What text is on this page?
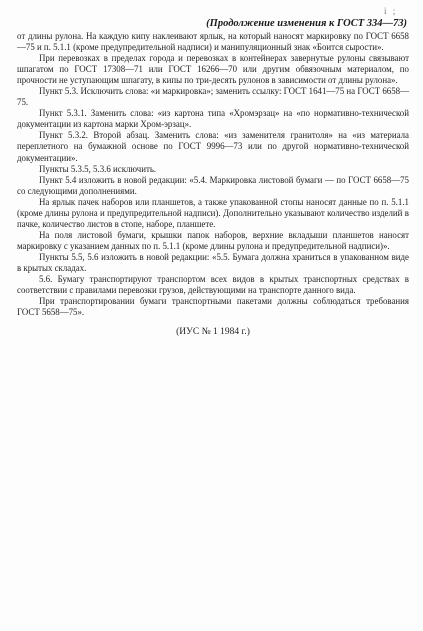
i ;
(Продолжение изменения к ГОСТ 334—73)

от длины рулона. На каждую кипу наклеивают ярлык, на который наносят маркировку по ГОСТ 6658—75 и п. 5.1.1 (кроме предупредительной надписи) и манипуляционный знак «Боится сырости».

При перевозках в пределах города и перевозках в контейнерах завернутые рулоны связывают шпагатом по ГОСТ 17308—71 или ГОСТ 16266—70 или другим обвязочным материалом, по прочности не уступающим шпагату, в кипы по три-десять рулонов в зависимости от длины рулона».

Пункт 5.3. Исключить слова: «и маркировка»; заменить ссылку: ГОСТ 1641—75 на ГОСТ 6658—75.

Пункт 5.3.1. Заменить слова: «из картона типа «Хромэрзац» на «по нормативно-технической документации из картона марки Хром-эрзац».

Пункт 5.3.2. Второй абзац. Заменить слова: «из заменителя гранитоля» на «из материала переплетного на бумажной основе по ГОСТ 9996—73 или по другой нормативно-технической документации».

Пункты 5.3.5, 5.3.6 исключить.

Пункт 5.4 изложить в новой редакции: «5.4. Маркировка листовой бумаги — по ГОСТ 6658—75 со следующими дополнениями.

На ярлык пачек наборов или планшетов, а также упакованной стопы наносят данные по п. 5.1.1 (кроме длины рулона и предупредительной надписи). Дополнительно указывают количество изделий в пачке, количество листов в стопе, наборе, планшете.

На поля листовой бумаги, крышки папок наборов, верхние вкладыши планшетов наносят маркировку с указанием данных по п. 5.1.1 (кроме длины рулона и предупредительной надписи)».

Пункты 5.5, 5.6 изложить в новой редакции: «5.5. Бумага должна храниться в упакованном виде в крытых складах.

5.6. Бумагу транспортируют транспортом всех видов в крытых транспортных средствах в соответствии с правилами перевозки грузов, действующими на транспорте данного вида.

При транспортировании бумаги транспортными пакетами должны соблюдаться требования ГОСТ 5658—75».

(ИУС № 1 1984 г.)
